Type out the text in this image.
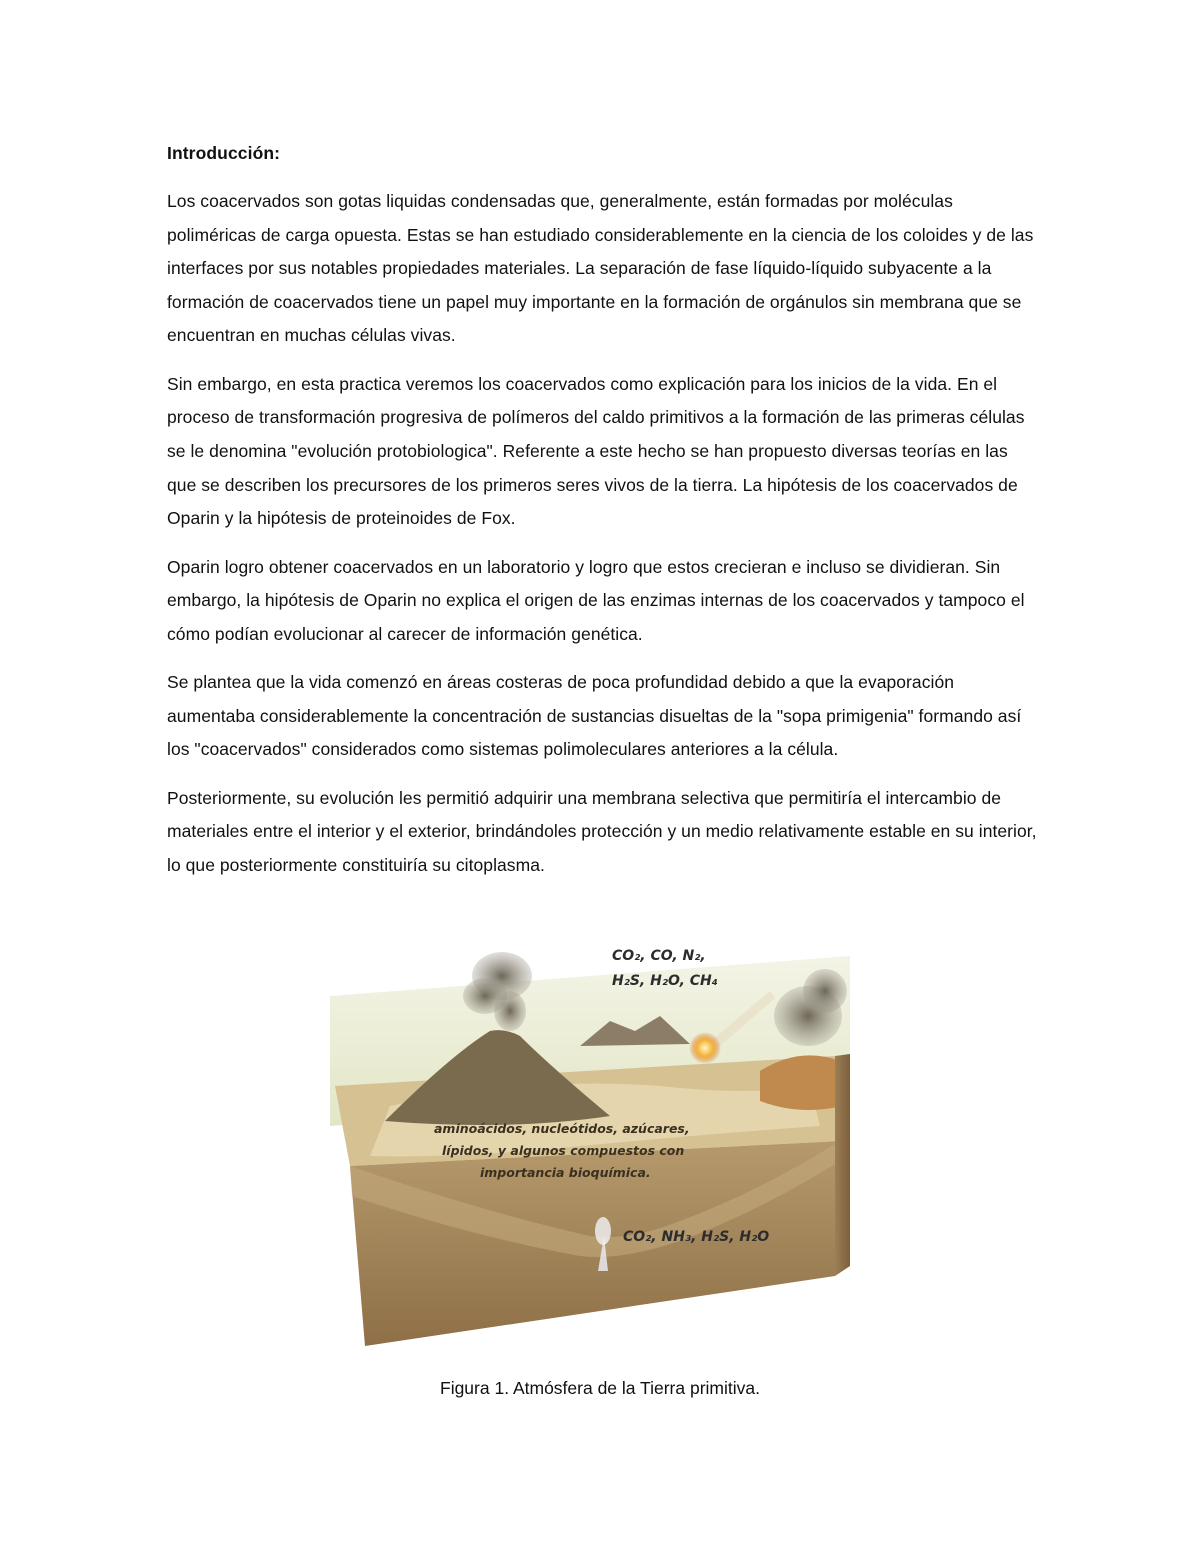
Introducción:

Los coacervados son gotas liquidas condensadas que, generalmente, están formadas por moléculas poliméricas de carga opuesta. Estas se han estudiado considerablemente en la ciencia de los coloides y de las interfaces por sus notables propiedades materiales. La separación de fase líquido-líquido subyacente a la formación de coacervados tiene un papel muy importante en la formación de orgánulos sin membrana que se encuentran en muchas células vivas.

Sin embargo, en esta practica veremos los coacervados como explicación para los inicios de la vida. En el proceso de transformación progresiva de polímeros del caldo primitivos a la formación de las primeras células se le denomina "evolución protobiologica". Referente a este hecho se han propuesto diversas teorías en las que se describen los precursores de los primeros seres vivos de la tierra. La hipótesis de los coacervados de Oparin y la hipótesis de proteinoides de Fox.

Oparin logro obtener coacervados en un laboratorio y logro que estos crecieran e incluso se dividieran. Sin embargo, la hipótesis de Oparin no explica el origen de las enzimas internas de los coacervados y tampoco el cómo podían evolucionar al carecer de información genética.

Se plantea que la vida comenzó en áreas costeras de poca profundidad debido a que la evaporación aumentaba considerablemente la concentración de sustancias disueltas de la "sopa primigenia" formando así los "coacervados" considerados como sistemas polimoleculares anteriores a la célula.

Posteriormente, su evolución les permitió adquirir una membrana selectiva que permitiría el intercambio de materiales entre el interior y el exterior, brindándoles protección y un medio relativamente estable en su interior, lo que posteriormente constituiría su citoplasma.

CO₂, CO, N₂,
H₂S, H₂O, CH₄
aminoácidos, nucleótidos, azúcares,
lípidos, y algunos compuestos con
importancia bioquímica.
CO₂, NH₃, H₂S, H₂O
Figura 1. Atmósfera de la Tierra primitiva.
